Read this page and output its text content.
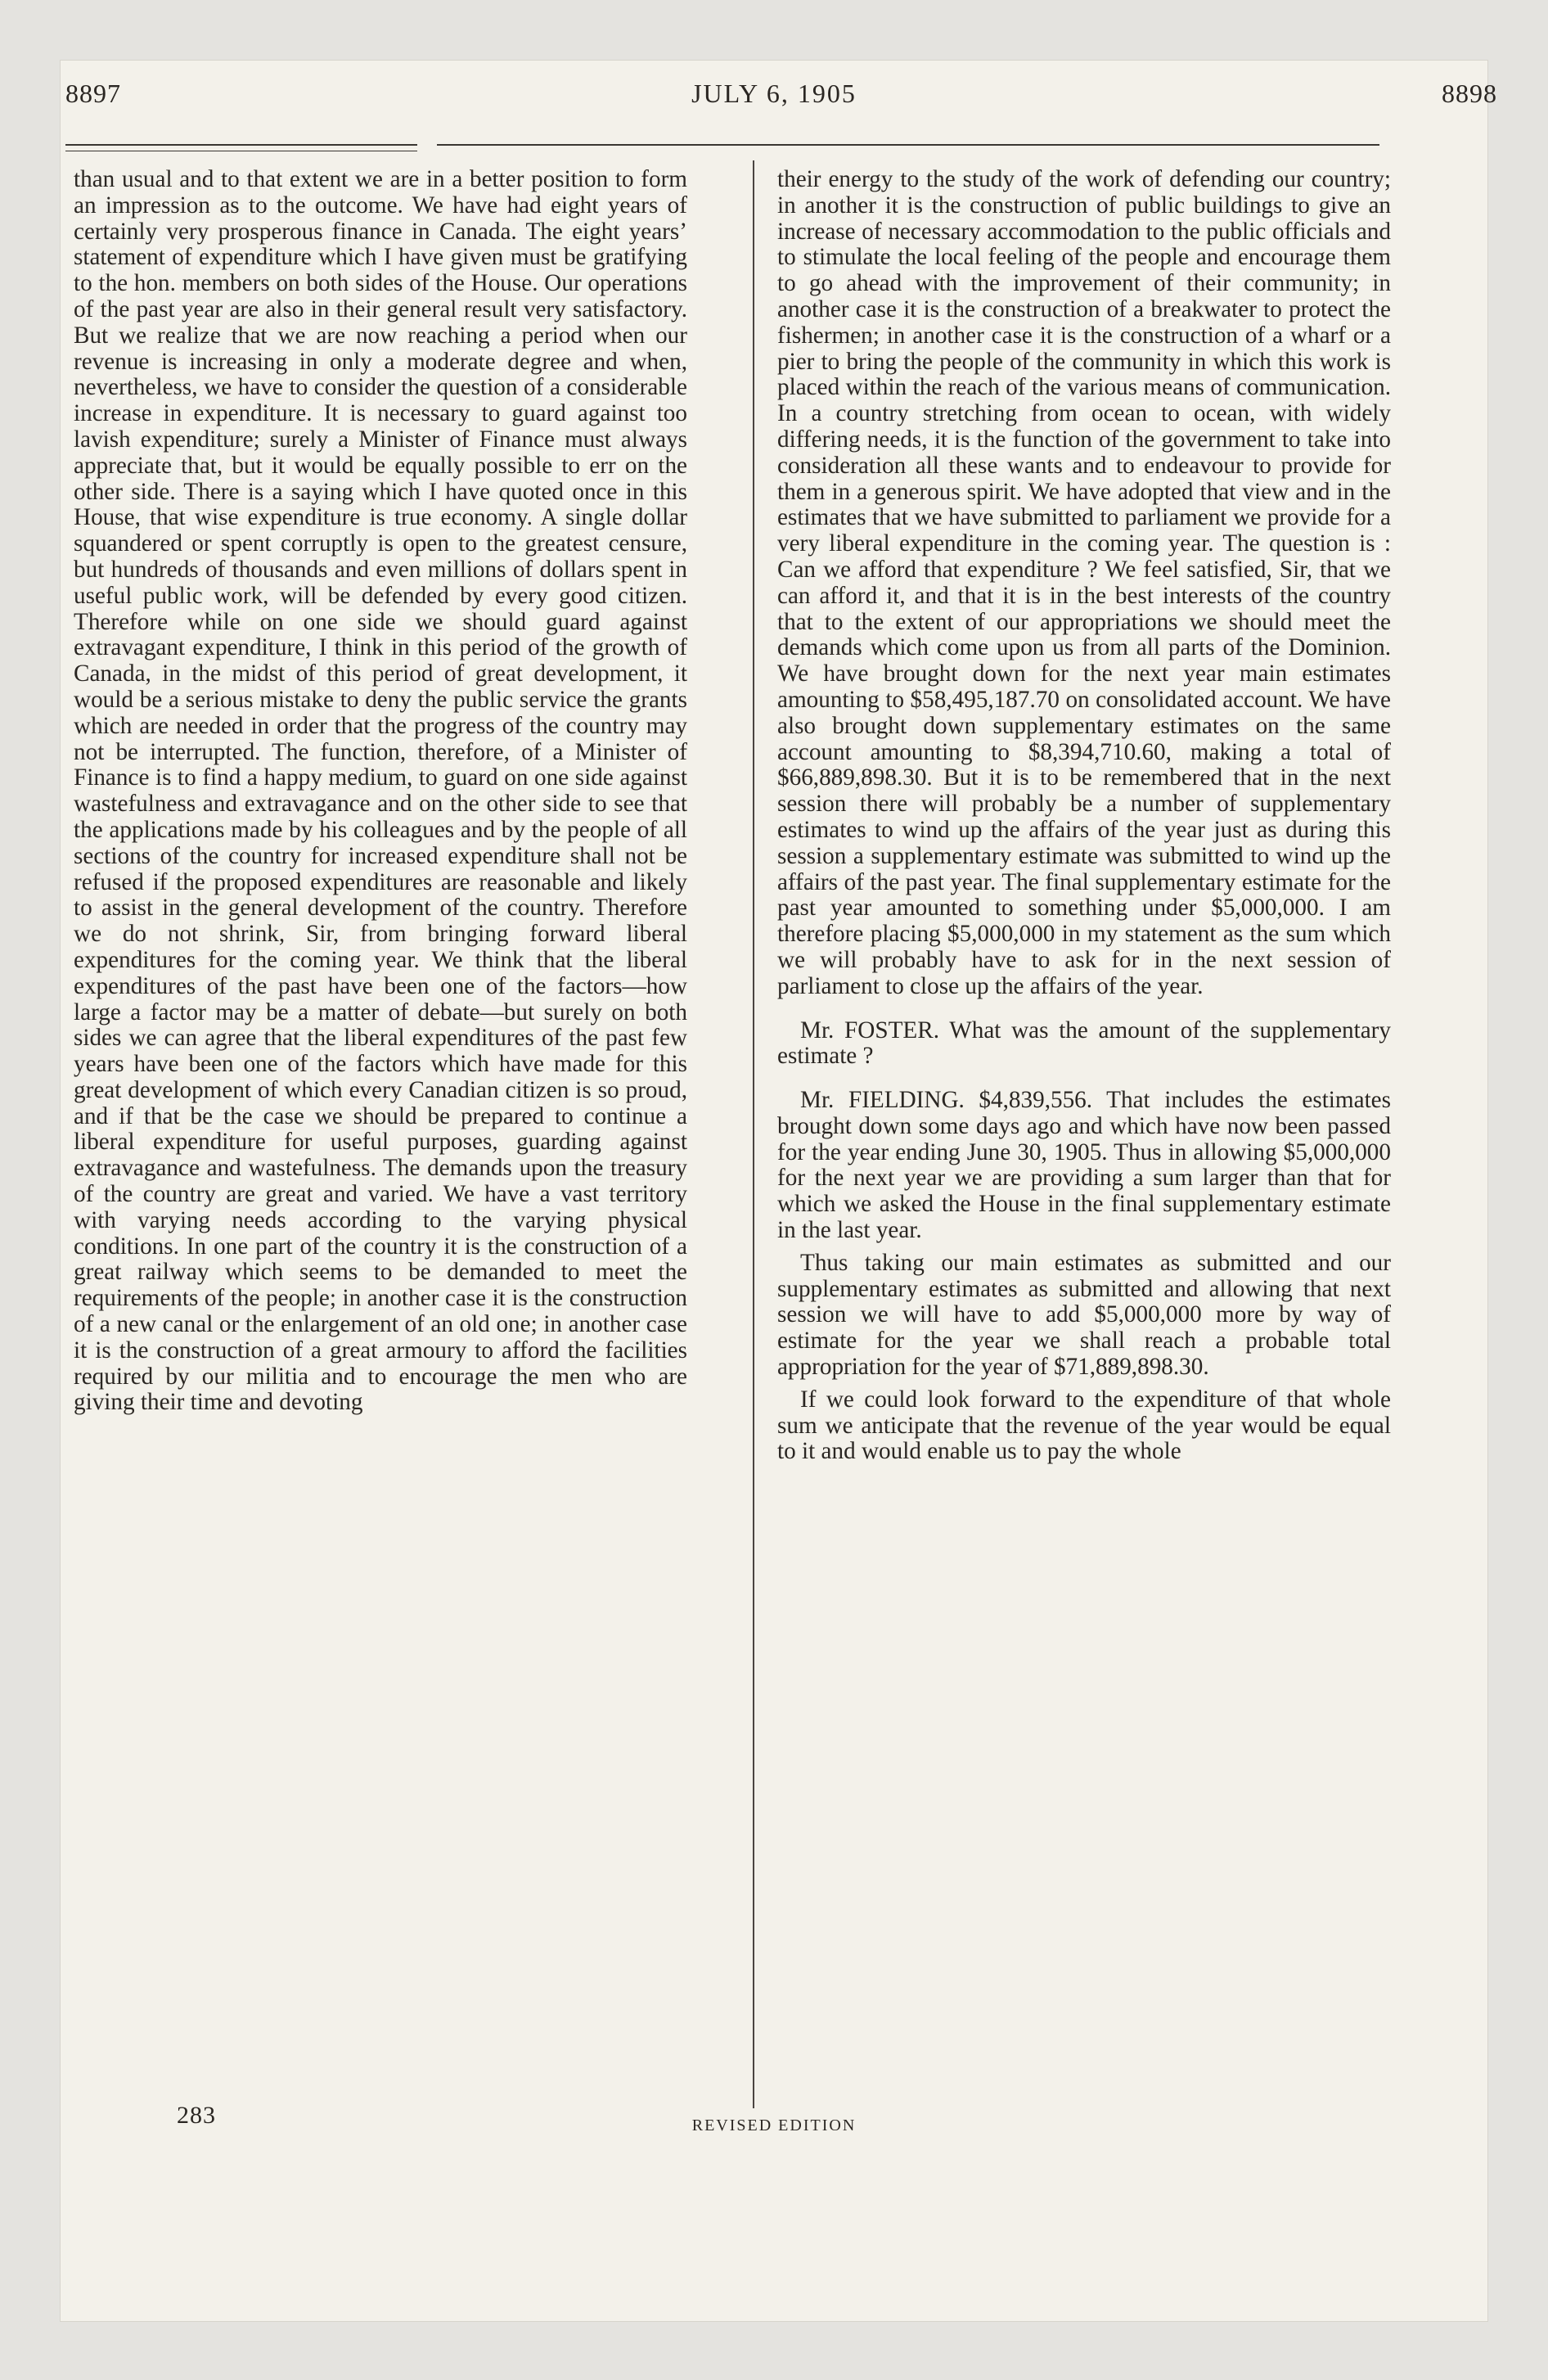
8897	JULY 6, 1905	8898

than usual and to that extent we are in a better position to form an impression as to the outcome. We have had eight years of certainly very prosperous finance in Canada. The eight years’ statement of expenditure which I have given must be gratifying to the hon. members on both sides of the House. Our operations of the past year are also in their general result very satisfactory. But we realize that we are now reaching a period when our revenue is increasing in only a moderate degree and when, nevertheless, we have to consider the question of a considerable increase in expenditure. It is necessary to guard against too lavish expenditure; surely a Minister of Finance must always appreciate that, but it would be equally possible to err on the other side. There is a saying which I have quoted once in this House, that wise expenditure is true economy. A single dollar squandered or spent corruptly is open to the greatest censure, but hundreds of thousands and even millions of dollars spent in useful public work, will be defended by every good citizen. Therefore while on one side we should guard against extravagant expenditure, I think in this period of the growth of Canada, in the midst of this period of great development, it would be a serious mistake to deny the public service the grants which are needed in order that the progress of the country may not be interrupted. The function, therefore, of a Minister of Finance is to find a happy medium, to guard on one side against wastefulness and extravagance and on the other side to see that the applications made by his colleagues and by the people of all sections of the country for increased expenditure shall not be refused if the proposed expenditures are reasonable and likely to assist in the general development of the country. Therefore we do not shrink, Sir, from bringing forward liberal expenditures for the coming year. We think that the liberal expenditures of the past have been one of the factors—how large a factor may be a matter of debate—but surely on both sides we can agree that the liberal expenditures of the past few years have been one of the factors which have made for this great development of which every Canadian citizen is so proud, and if that be the case we should be prepared to continue a liberal expenditure for useful purposes, guarding against extravagance and wastefulness. The demands upon the treasury of the country are great and varied. We have a vast territory with varying needs according to the varying physical conditions. In one part of the country it is the construction of a great railway which seems to be demanded to meet the requirements of the people; in another case it is the construction of a new canal or the enlargement of an old one; in another case it is the construction of a great armoury to afford the facilities required by our militia and to encourage the men who are giving their time and devoting

their energy to the study of the work of defending our country; in another it is the construction of public buildings to give an increase of necessary accommodation to the public officials and to stimulate the local feeling of the people and encourage them to go ahead with the improvement of their community; in another case it is the construction of a breakwater to protect the fishermen; in another case it is the construction of a wharf or a pier to bring the people of the community in which this work is placed within the reach of the various means of communication. In a country stretching from ocean to ocean, with widely differing needs, it is the function of the government to take into consideration all these wants and to endeavour to provide for them in a generous spirit. We have adopted that view and in the estimates that we have submitted to parliament we provide for a very liberal expenditure in the coming year. The question is : Can we afford that expenditure ? We feel satisfied, Sir, that we can afford it, and that it is in the best interests of the country that to the extent of our appropriations we should meet the demands which come upon us from all parts of the Dominion. We have brought down for the next year main estimates amounting to $58,495,187.70 on consolidated account. We have also brought down supplementary estimates on the same account amounting to $8,394,710.60, making a total of $66,889,898.30. But it is to be remembered that in the next session there will probably be a number of supplementary estimates to wind up the affairs of the year just as during this session a supplementary estimate was submitted to wind up the affairs of the past year. The final supplementary estimate for the past year amounted to something under $5,000,000. I am therefore placing $5,000,000 in my statement as the sum which we will probably have to ask for in the next session of parliament to close up the affairs of the year.

Mr. FOSTER. What was the amount of the supplementary estimate ?

Mr. FIELDING. $4,839,556. That includes the estimates brought down some days ago and which have now been passed for the year ending June 30, 1905. Thus in allowing $5,000,000 for the next year we are providing a sum larger than that for which we asked the House in the final supplementary estimate in the last year.

Thus taking our main estimates as submitted and our supplementary estimates as submitted and allowing that next session we will have to add $5,000,000 more by way of estimate for the year we shall reach a probable total appropriation for the year of $71,889,898.30.

If we could look forward to the expenditure of that whole sum we anticipate that the revenue of the year would be equal to it and would enable us to pay the whole

283	REVISED EDITION
